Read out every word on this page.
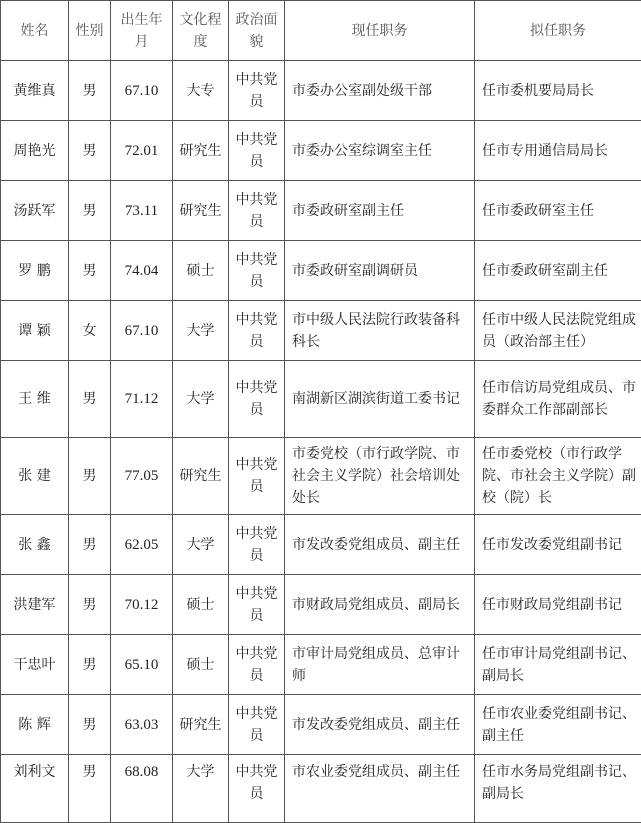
姓名	性别	出生年月	文化程度	政治面貌	现任职务	拟任职务
黄维真	男	67.10	大专	中共党员	市委办公室副处级干部	任市委机要局局长
周艳光	男	72.01	研究生	中共党员	市委办公室综调室主任	任市专用通信局局长
汤跃军	男	73.11	研究生	中共党员	市委政研室副主任	任市委政研室主任
罗 鹏	男	74.04	硕士	中共党员	市委政研室副调研员	任市委政研室副主任
谭 颖	女	67.10	大学	中共党员	市中级人民法院行政装备科科长	任市中级人民法院党组成员（政治部主任）
王 维	男	71.12	大学	中共党员	南湖新区湖滨街道工委书记	任市信访局党组成员、市委群众工作部副部长
张 建	男	77.05	研究生	中共党员	市委党校（市行政学院、市社会主义学院）社会培训处处长	任市委党校（市行政学院、市社会主义学院）副校（院）长
张 鑫	男	62.05	大学	中共党员	市发改委党组成员、副主任	任市发改委党组副书记
洪建军	男	70.12	硕士	中共党员	市财政局党组成员、副局长	任市财政局党组副书记
干忠叶	男	65.10	硕士	中共党员	市审计局党组成员、总审计师	任市审计局党组副书记、副局长
陈 辉	男	63.03	研究生	中共党员	市发改委党组成员、副主任	任市农业委党组副书记、副主任
刘利文	男	68.08	大学	中共党员	市农业委党组成员、副主任	任市水务局党组副书记、副局长
